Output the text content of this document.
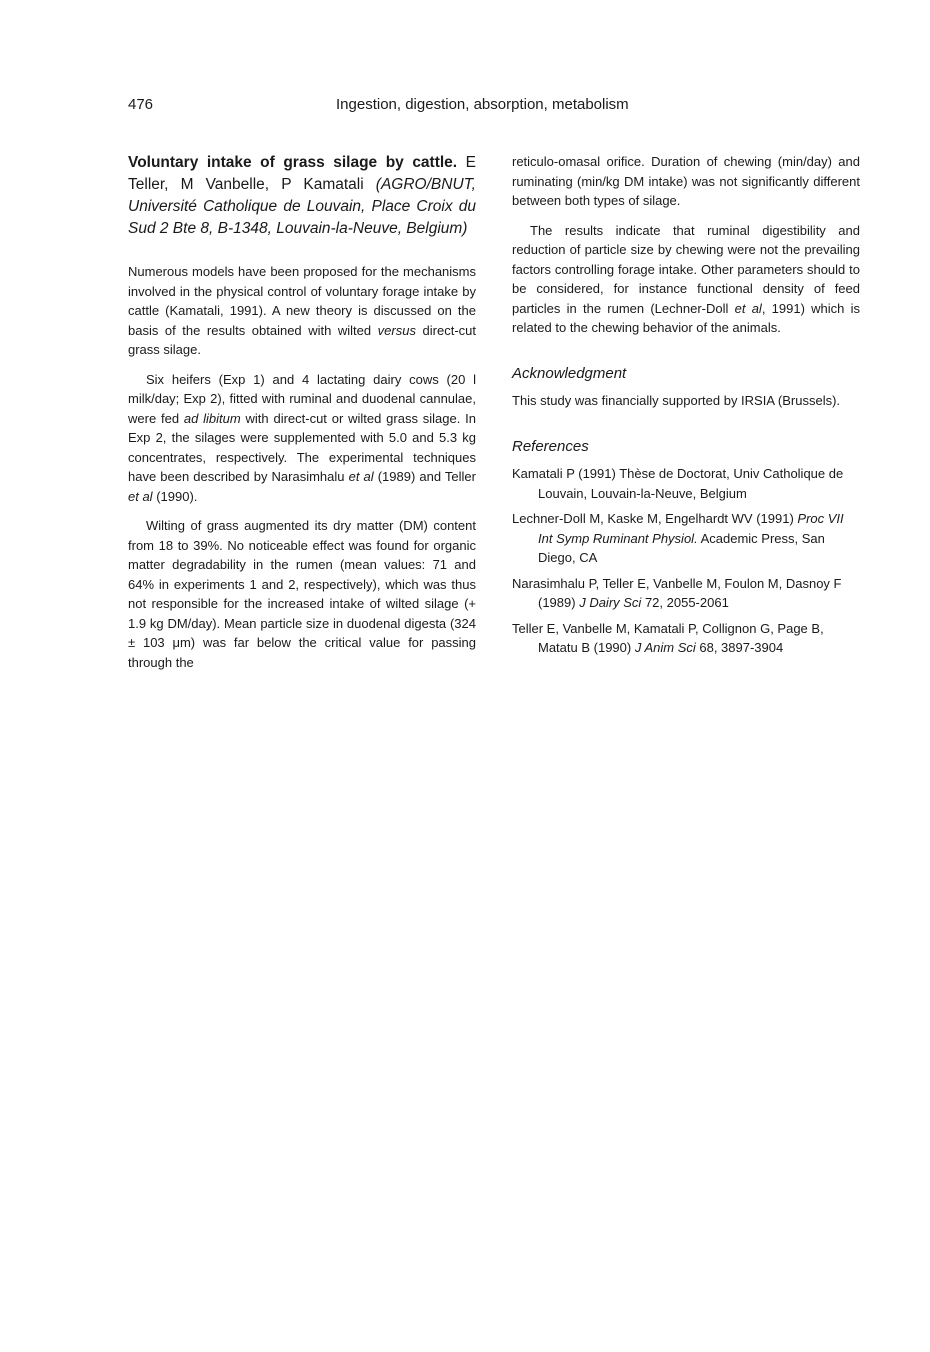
476	Ingestion, digestion, absorption, metabolism
Voluntary intake of grass silage by cattle. E Teller, M Vanbelle, P Kamatali (AGRO/BNUT, Université Catholique de Louvain, Place Croix du Sud 2 Bte 8, B-1348, Louvain-la-Neuve, Belgium)

Numerous models have been proposed for the mechanisms involved in the physical control of voluntary forage intake by cattle (Kamatali, 1991). A new theory is discussed on the basis of the results obtained with wilted versus direct-cut grass silage.

Six heifers (Exp 1) and 4 lactating dairy cows (20 l milk/day; Exp 2), fitted with ruminal and duodenal cannulae, were fed ad libitum with direct-cut or wilted grass silage. In Exp 2, the silages were supplemented with 5.0 and 5.3 kg concentrates, respectively. The experimental techniques have been described by Narasimhalu et al (1989) and Teller et al (1990).

Wilting of grass augmented its dry matter (DM) content from 18 to 39%. No noticeable effect was found for organic matter degradability in the rumen (mean values: 71 and 64% in experiments 1 and 2, respectively), which was thus not responsible for the increased intake of wilted silage (+ 1.9 kg DM/day). Mean particle size in duodenal digesta (324 ± 103 μm) was far below the critical value for passing through the

reticulo-omasal orifice. Duration of chewing (min/day) and ruminating (min/kg DM intake) was not significantly different between both types of silage.

The results indicate that ruminal digestibility and reduction of particle size by chewing were not the prevailing factors controlling forage intake. Other parameters should to be considered, for instance functional density of feed particles in the rumen (Lechner-Doll et al, 1991) which is related to the chewing behavior of the animals.

Acknowledgment

This study was financially supported by IRSIA (Brussels).

References
Kamatali P (1991) Thèse de Doctorat, Univ Catholique de Louvain, Louvain-la-Neuve, Belgium
Lechner-Doll M, Kaske M, Engelhardt WV (1991) Proc VII Int Symp Ruminant Physiol. Academic Press, San Diego, CA
Narasimhalu P, Teller E, Vanbelle M, Foulon M, Dasnoy F (1989) J Dairy Sci 72, 2055-2061
Teller E, Vanbelle M, Kamatali P, Collignon G, Page B, Matatu B (1990) J Anim Sci 68, 3897-3904
